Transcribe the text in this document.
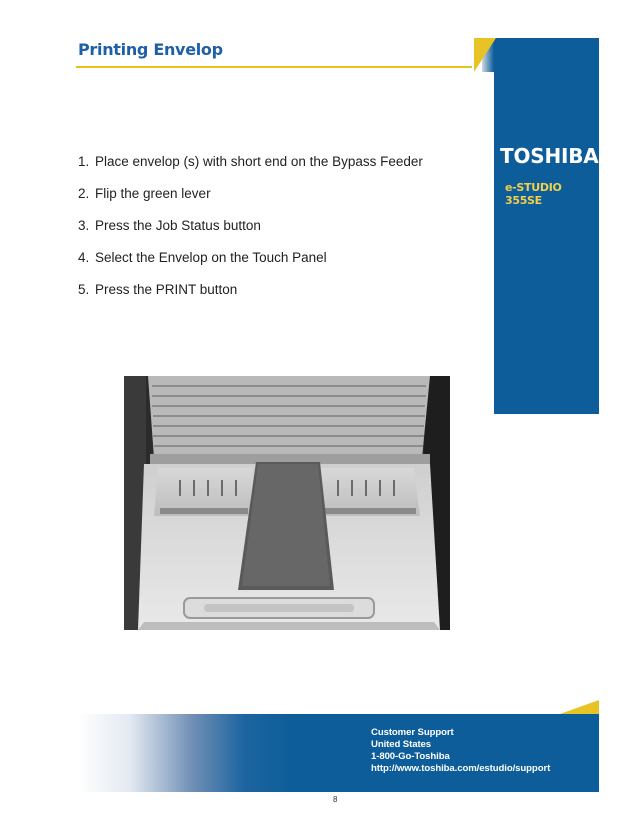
Printing Envelop
TOSHIBA
e-STUDIO 355SE
1. Place envelop (s) with short end on the Bypass Feeder
2. Flip the green lever
3. Press the Job Status button
4. Select the Envelop on the Touch Panel
5. Press the PRINT button
Customer Support
United States
1-800-Go-Toshiba
http://www.toshiba.com/estudio/support
8
